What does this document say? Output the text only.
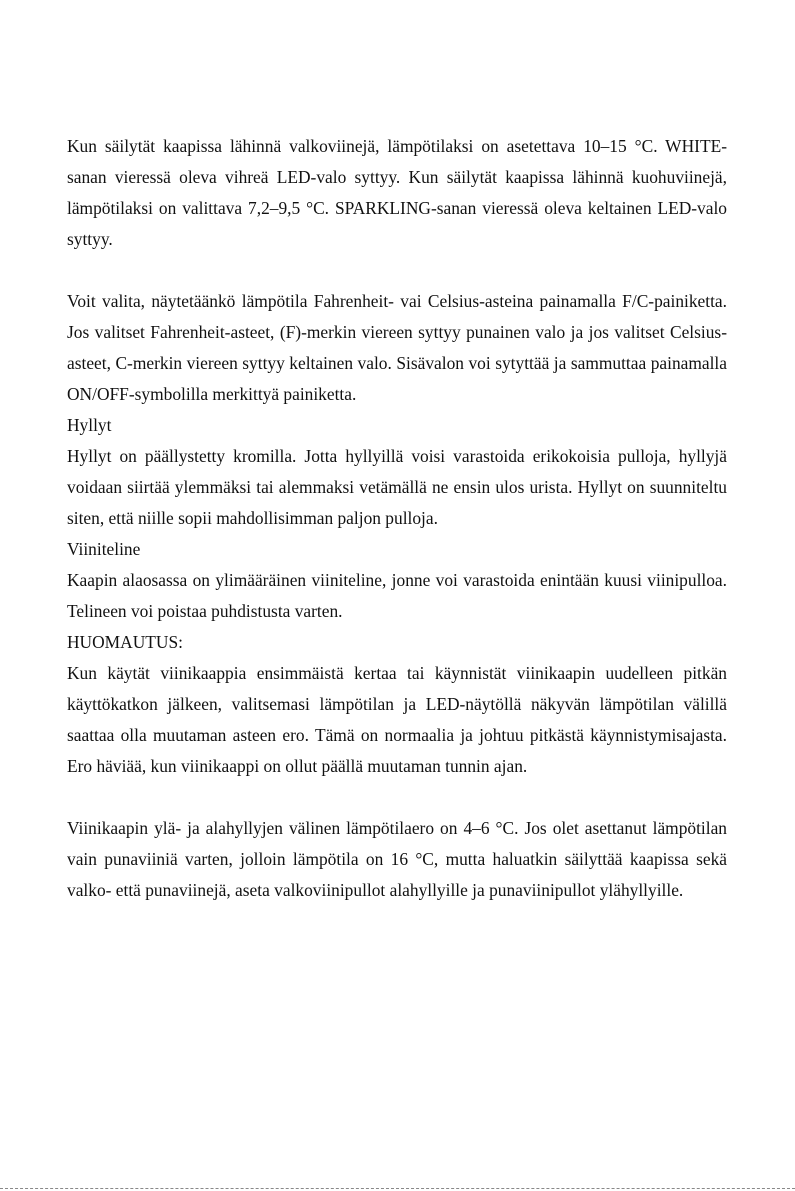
Kun säilytät kaapissa lähinnä valkoviinejä, lämpötilaksi on asetettava 10–15 °C. WHITE-sanan vieressä oleva vihreä LED-valo syttyy. Kun säilytät kaapissa lähinnä kuohuviinejä, lämpötilaksi on valittava 7,2–9,5 °C. SPARKLING-sanan vieressä oleva keltainen LED-valo syttyy.

Voit valita, näytetäänkö lämpötila Fahrenheit- vai Celsius-asteina painamalla F/C-painiketta. Jos valitset Fahrenheit-asteet, (F)-merkin viereen syttyy punainen valo ja jos valitset Celsius-asteet, C-merkin viereen syttyy keltainen valo. Sisävalon voi sytyttää ja sammuttaa painamalla ON/OFF-symbolilla merkittyä painiketta.

Hyllyt

Hyllyt on päällystetty kromilla. Jotta hyllyillä voisi varastoida erikokoisia pulloja, hyllyjä voidaan siirtää ylemmäksi tai alemmaksi vetämällä ne ensin ulos urista. Hyllyt on suunniteltu siten, että niille sopii mahdollisimman paljon pulloja.

Viiniteline

Kaapin alaosassa on ylimääräinen viiniteline, jonne voi varastoida enintään kuusi viinipulloa. Telineen voi poistaa puhdistusta varten.

HUOMAUTUS:

Kun käytät viinikaappia ensimmäistä kertaa tai käynnistät viinikaapin uudelleen pitkän käyttökatkon jälkeen, valitsemasi lämpötilan ja LED-näytöllä näkyvän lämpötilan välillä saattaa olla muutaman asteen ero. Tämä on normaalia ja johtuu pitkästä käynnistymisajasta. Ero häviää, kun viinikaappi on ollut päällä muutaman tunnin ajan.

Viinikaapin ylä- ja alahyllyjen välinen lämpötilaero on 4–6 °C. Jos olet asettanut lämpötilan vain punaviiniä varten, jolloin lämpötila on 16 °C, mutta haluatkin säilyttää kaapissa sekä valko- että punaviinejä, aseta valkoviinipullot alahyllyille ja punaviinipullot ylähyllyille.
